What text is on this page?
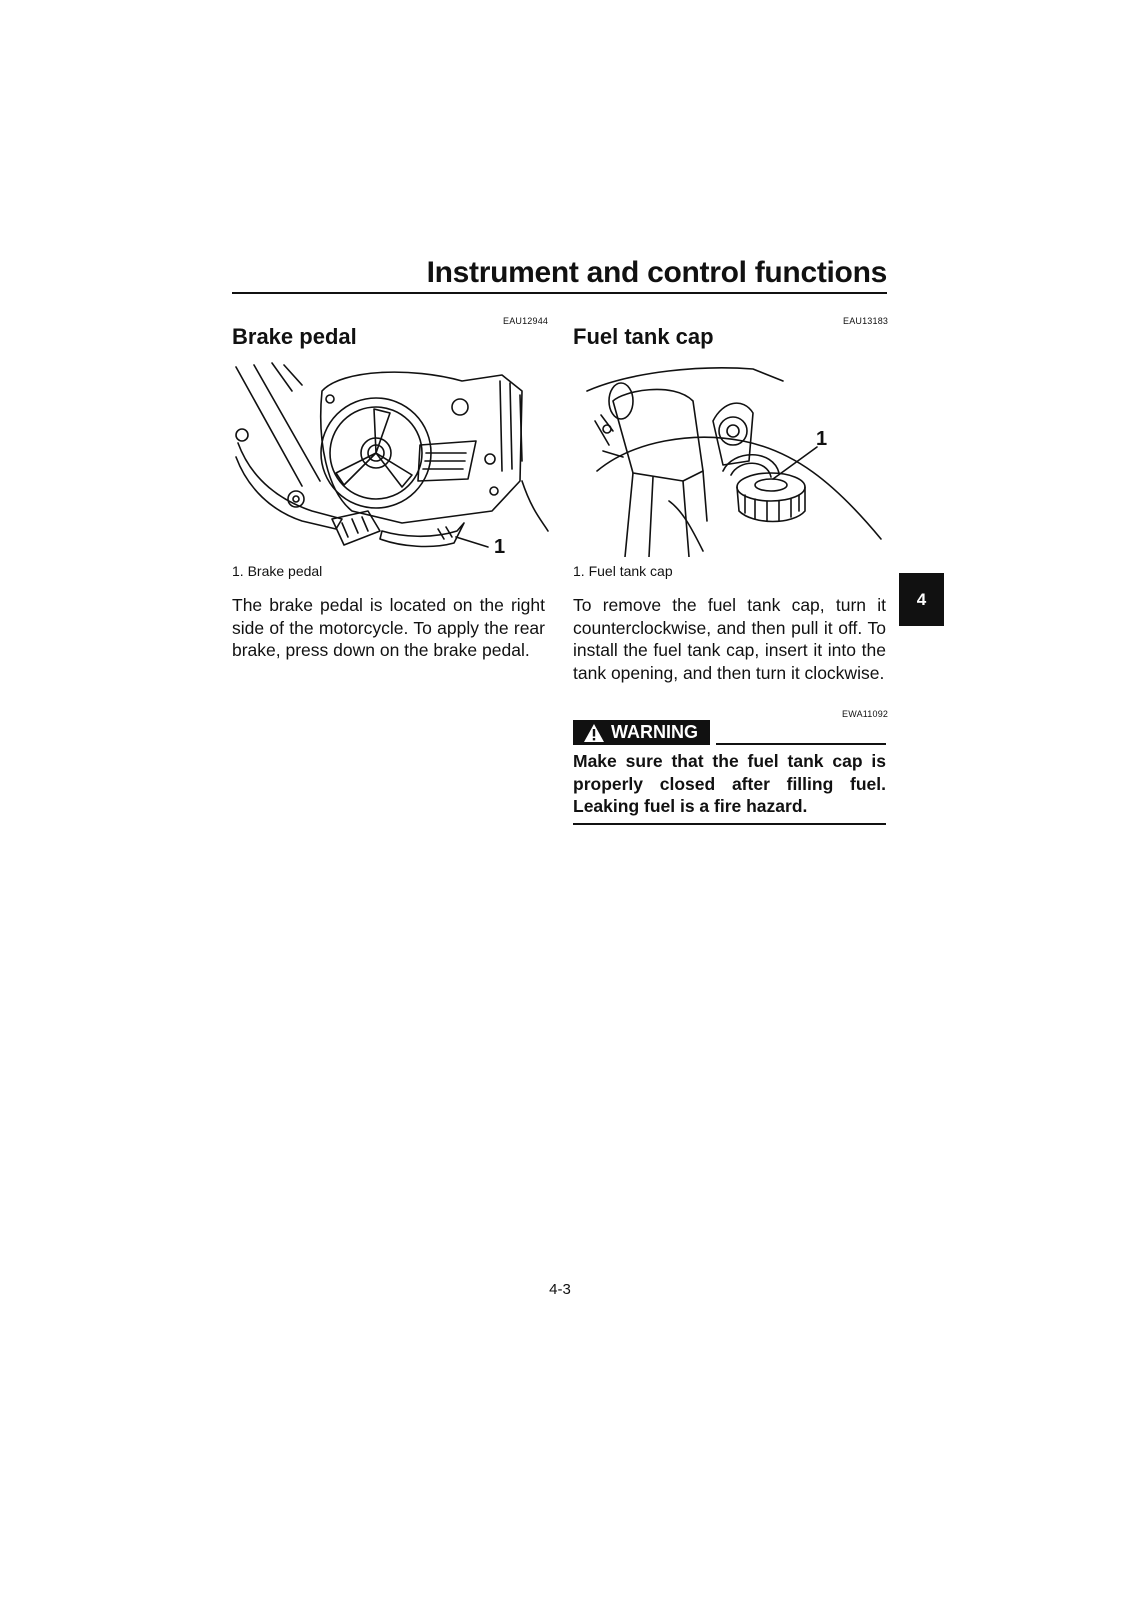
Instrument and control functions
EAU12944
Brake pedal
1
1. Brake pedal

The brake pedal is located on the right side of the motorcycle. To apply the rear brake, press down on the brake pedal.

EAU13183
Fuel tank cap
1
1. Fuel tank cap

To remove the fuel tank cap, turn it counterclockwise, and then pull it off. To install the fuel tank cap, insert it into the tank opening, and then turn it clockwise.

EWA11092
WARNING

Make sure that the fuel tank cap is properly closed after filling fuel. Leaking fuel is a fire hazard.

4
4-3
